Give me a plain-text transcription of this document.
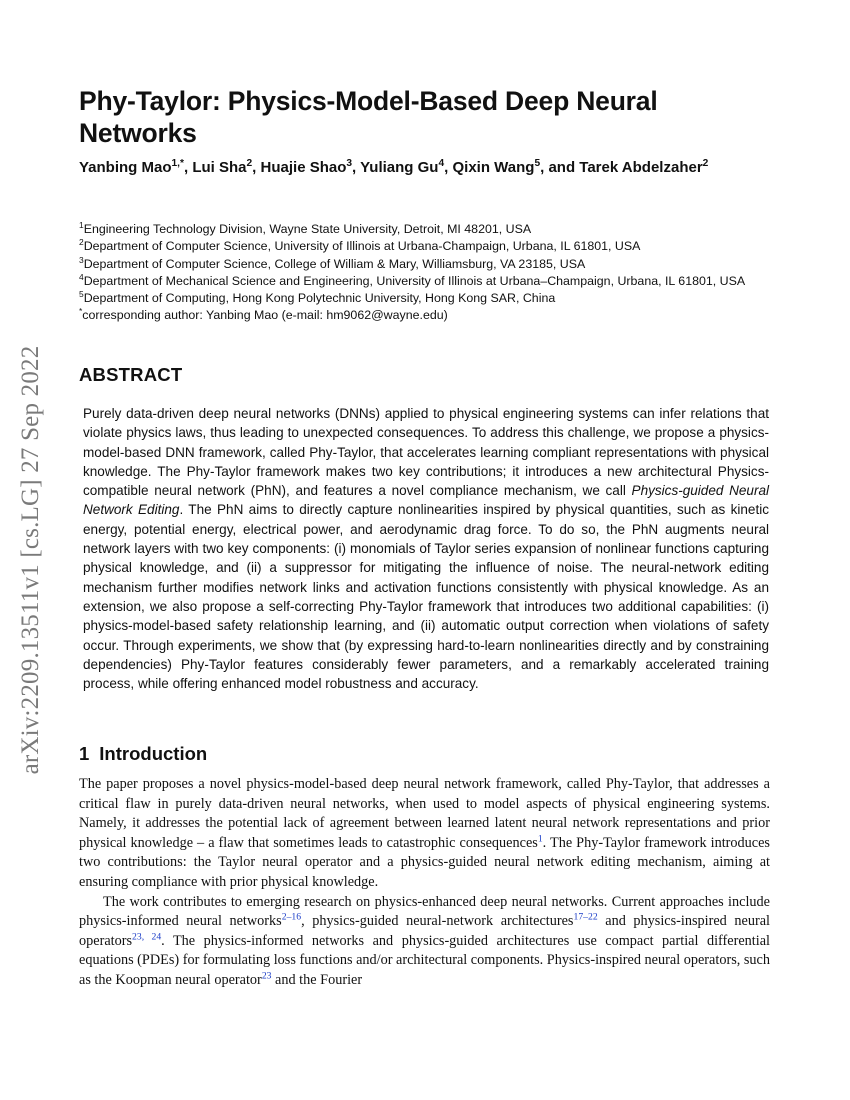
arXiv:2209.13511v1 [cs.LG] 27 Sep 2022
Phy-Taylor: Physics-Model-Based Deep Neural Networks
Yanbing Mao$^{1,*}$, Lui Sha$^2$, Huajie Shao$^3$, Yuliang Gu$^4$, Qixin Wang$^5$, and Tarek Abdelzaher$^2$
$^1$Engineering Technology Division, Wayne State University, Detroit, MI 48201, USA
$^2$Department of Computer Science, University of Illinois at Urbana-Champaign, Urbana, IL 61801, USA
$^3$Department of Computer Science, College of William & Mary, Williamsburg, VA 23185, USA
$^4$Department of Mechanical Science and Engineering, University of Illinois at Urbana–Champaign, Urbana, IL 61801, USA
$^5$Department of Computing, Hong Kong Polytechnic University, Hong Kong SAR, China
*corresponding author: Yanbing Mao (e-mail: hm9062@wayne.edu)
ABSTRACT

Purely data-driven deep neural networks (DNNs) applied to physical engineering systems can infer relations that violate physics laws, thus leading to unexpected consequences. To address this challenge, we propose a physics-model-based DNN framework, called Phy-Taylor, that accelerates learning compliant representations with physical knowledge. The Phy-Taylor framework makes two key contributions; it introduces a new architectural Physics-compatible neural network (PhN), and features a novel compliance mechanism, we call Physics-guided Neural Network Editing. The PhN aims to directly capture nonlinearities inspired by physical quantities, such as kinetic energy, potential energy, electrical power, and aerodynamic drag force. To do so, the PhN augments neural network layers with two key components: (i) monomials of Taylor series expansion of nonlinear functions capturing physical knowledge, and (ii) a suppressor for mitigating the influence of noise. The neural-network editing mechanism further modifies network links and activation functions consistently with physical knowledge. As an extension, we also propose a self-correcting Phy-Taylor framework that introduces two additional capabilities: (i) physics-model-based safety relationship learning, and (ii) automatic output correction when violations of safety occur. Through experiments, we show that (by expressing hard-to-learn nonlinearities directly and by constraining dependencies) Phy-Taylor features considerably fewer parameters, and a remarkably accelerated training process, while offering enhanced model robustness and accuracy.

1 Introduction

The paper proposes a novel physics-model-based deep neural network framework, called Phy-Taylor, that addresses a critical flaw in purely data-driven neural networks, when used to model aspects of physical engineering systems. Namely, it addresses the potential lack of agreement between learned latent neural network representations and prior physical knowledge – a flaw that sometimes leads to catastrophic consequences$^1$. The Phy-Taylor framework introduces two contributions: the Taylor neural operator and a physics-guided neural network editing mechanism, aiming at ensuring compliance with prior physical knowledge.

The work contributes to emerging research on physics-enhanced deep neural networks. Current approaches include physics-informed neural networks$^{2-16}$, physics-guided neural-network architectures$^{17-22}$ and physics-inspired neural operators$^{23, 24}$. The physics-informed networks and physics-guided architectures use compact partial differential equations (PDEs) for formulating loss functions and/or architectural components. Physics-inspired neural operators, such as the Koopman neural operator$^{23}$ and the Fourier
